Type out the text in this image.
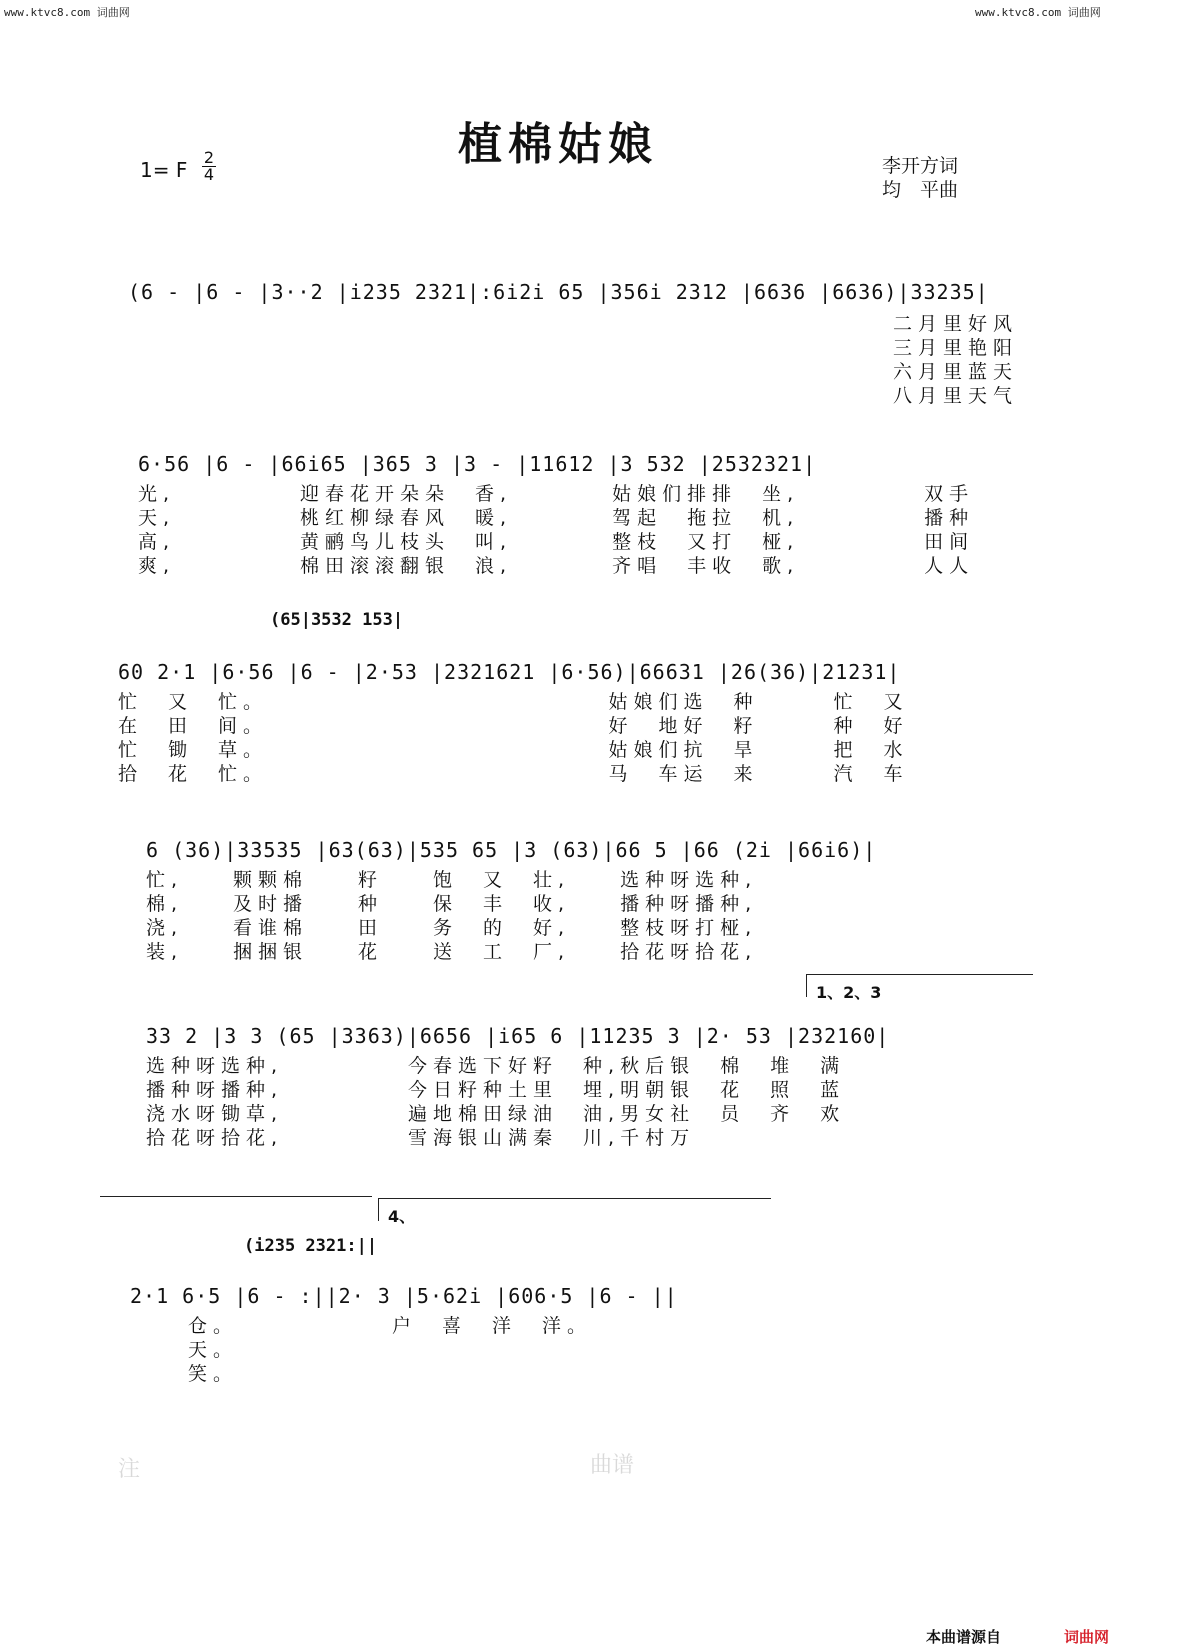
www.ktvc8.com 词曲网	www.ktvc8.com 词曲网
植棉姑娘
1= F
2
4	李开方词
均　平曲
(6 - |6 - |3··2 |i235 2321|:6i2i 65 |356i 2312 |6636 |6636)|33235|
二月里好风
三月里艳阳
六月里蓝天
八月里天气
6·56 |6 - |66i65 |365 3 |3 - |11612 |3 532 |2532321|
光,　　　　　迎春花开朵朵　香,　　　　姑娘们排排　坐,　　　　　双手
天,　　　　　桃红柳绿春风　暖,　　　　驾起　拖拉　机,　　　　　播种
高,　　　　　黄鹂鸟儿枝头　叫,　　　　整枝　又打　桠,　　　　　田间
爽,　　　　　棉田滚滚翻银　浪,　　　　齐唱　丰收　歌,　　　　　人人
(65|3532 153|
60 2·1 |6·56 |6 - |2·53 |2321621 |6·56)|66631 |26(36)|21231|
忙　又　忙。　　　　　　　　　　　　　　姑娘们选　种　　　忙　又
在　田　间。　　　　　　　　　　　　　　好　地好　籽　　　种　好
忙　锄　草。　　　　　　　　　　　　　　姑娘们抗　旱　　　把　水
拾　花　忙。　　　　　　　　　　　　　　马　车运　来　　　汽　车
6 (36)|33535 |63(63)|535 65 |3 (63)|66 5 |66 (2i |66i6)|
忙,　　颗颗棉　　籽　　饱　又　壮,　　选种呀选种,
棉,　　及时播　　种　　保　丰　收,　　播种呀播种,
浇,　　看谁棉　　田　　务　的　好,　　整枝呀打桠,
装,　　捆捆银　　花　　送　工　厂,　　拾花呀拾花,
1、2、3
33 2 |3 3 (65 |3363)|6656 |i65 6 |11235 3 |2· 53 |232160|
选种呀选种,　　　　　今春选下好籽　种,秋后银　棉　堆　满
播种呀播种,　　　　　今日籽种土里　埋,明朝银　花　照　蓝
浇水呀锄草,　　　　　遍地棉田绿油　油,男女社　员　齐　欢
拾花呀拾花,　　　　　雪海银山满秦　川,千村万
4、
(i235 2321:||
2·1 6·5 |6 - :||2· 3 |5·62i |606·5 |6 - ||
仓。
天。
笑。
户　喜　洋　洋。
注	曲谱
本曲谱源自	词曲网
